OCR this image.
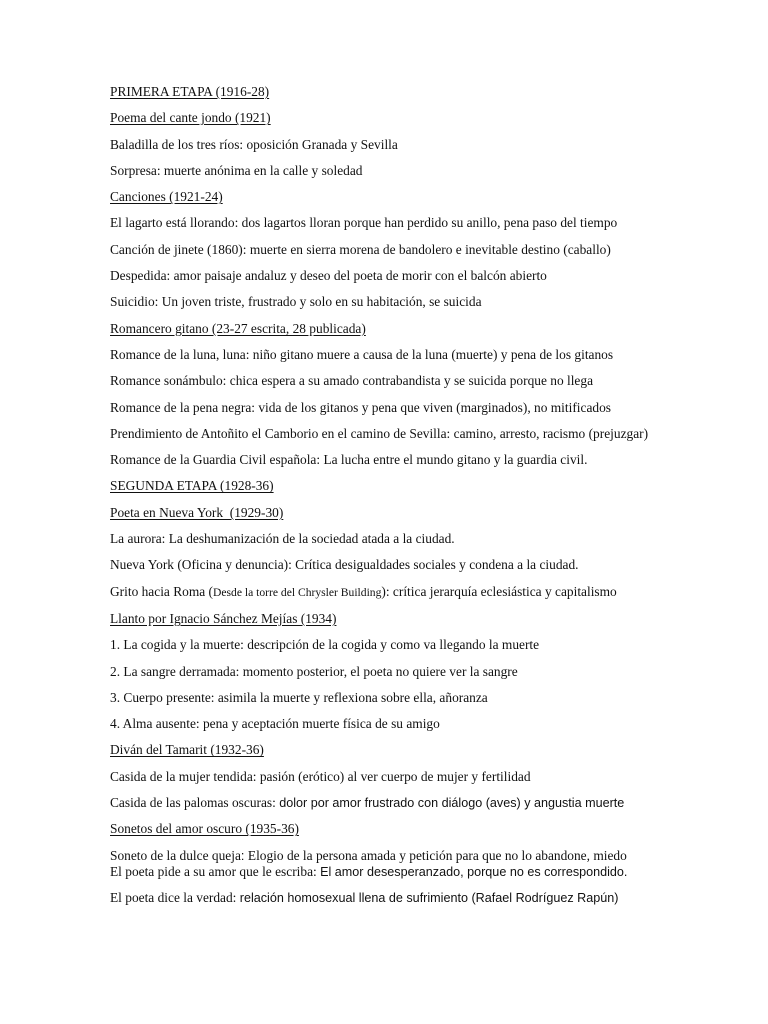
PRIMERA ETAPA (1916-28)
Poema del cante jondo (1921)
Baladilla de los tres ríos: oposición Granada y Sevilla
Sorpresa: muerte anónima en la calle y soledad
Canciones (1921-24)
El lagarto está llorando: dos lagartos lloran porque han perdido su anillo, pena paso del tiempo
Canción de jinete (1860): muerte en sierra morena de bandolero e inevitable destino (caballo)
Despedida: amor paisaje andaluz y deseo del poeta de morir con el balcón abierto
Suicidio: Un joven triste, frustrado y solo en su habitación, se suicida
Romancero gitano (23-27 escrita, 28 publicada)
Romance de la luna, luna: niño gitano muere a causa de la luna (muerte) y pena de los gitanos
Romance sonámbulo: chica espera a su amado contrabandista y se suicida porque no llega
Romance de la pena negra: vida de los gitanos y pena que viven (marginados), no mitificados
Prendimiento de Antoñito el Camborio en el camino de Sevilla: camino, arresto, racismo (prejuzgar)
Romance de la Guardia Civil española: La lucha entre el mundo gitano y la guardia civil.
SEGUNDA ETAPA (1928-36)
Poeta en Nueva York  (1929-30)
La aurora: La deshumanización de la sociedad atada a la ciudad.
Nueva York (Oficina y denuncia): Crítica desigualdades sociales y condena a la ciudad.
Grito hacia Roma (Desde la torre del Chrysler Building): crítica jerarquía eclesiástica y capitalismo
Llanto por Ignacio Sánchez Mejías (1934)
1. La cogida y la muerte: descripción de la cogida y como va llegando la muerte
2. La sangre derramada: momento posterior, el poeta no quiere ver la sangre
3. Cuerpo presente: asimila la muerte y reflexiona sobre ella, añoranza
4. Alma ausente: pena y aceptación muerte física de su amigo
Diván del Tamarit (1932-36)
Casida de la mujer tendida: pasión (erótico) al ver cuerpo de mujer y fertilidad
Casida de las palomas oscuras: dolor por amor frustrado con diálogo (aves) y angustia muerte
Sonetos del amor oscuro (1935-36)
Soneto de la dulce queja: Elogio de la persona amada y petición para que no lo abandone, miedo
El poeta pide a su amor que le escriba: El amor desesperanzado, porque no es correspondido.
El poeta dice la verdad: relación homosexual llena de sufrimiento (Rafael Rodríguez Rapún)
